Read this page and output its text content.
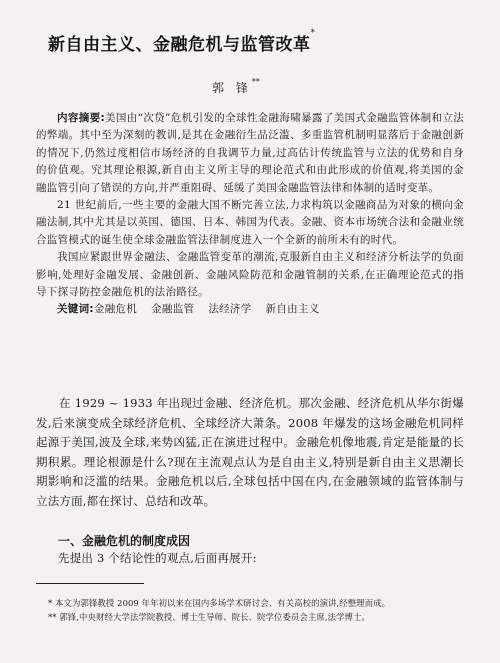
新自由主义、金融危机与监管改革*
郭 锋**

内容摘要:美国由“次贷”危机引发的全球性金融海啸暴露了美国式金融监管体制和立法的弊端。其中至为深刻的教训,是其在金融衍生品泛滥、多重监管机制明显落后于金融创新的情况下,仍然过度相信市场经济的自我调节力量,过高估计传统监管与立法的优势和自身的价值观。究其理论根源,新自由主义所主导的理论范式和由此形成的价值观,将美国的金融监管引向了错误的方向,并严重阻碍、延缓了美国金融监管法律和体制的适时变革。

21 世纪前后,一些主要的金融大国不断完善立法,力求构筑以金融商品为对象的横向金融法制,其中尤其是以英国、德国、日本、韩国为代表。金融、资本市场统合法和金融业统合监管模式的诞生使全球金融监管法律制度进入一个全新的前所未有的时代。

我国应紧跟世界金融法、金融监管变革的潮流,克服新自由主义和经济分析法学的负面影响,处理好金融发展、金融创新、金融风险防范和金融管制的关系,在正确理论范式的指导下探寻防控金融危机的法治路径。

关键词:金融危机 金融监管 法经济学 新自由主义

在 1929 ~ 1933 年出现过金融、经济危机。那次金融、经济危机从华尔街爆发,后来演变成全球经济危机、全球经济大萧条。2008 年爆发的这场金融危机同样起源于美国,波及全球,来势凶猛,正在演进过程中。金融危机像地震,肯定是能量的长期积累。理论根源是什么?现在主流观点认为是自由主义,特别是新自由主义思潮长期影响和泛滥的结果。金融危机以后,全球包括中国在内,在金融领域的监管体制与立法方面,都在探讨、总结和改革。

一、金融危机的制度成因
先提出 3 个结论性的观点,后面再展开:
* 本文为郭锋教授 2009 年年初以来在国内多场学术研讨会、有关高校的演讲,经整理而成。
** 郭锋,中央财经大学法学院教授、博士生导师、院长、院学位委员会主席,法学博士。
